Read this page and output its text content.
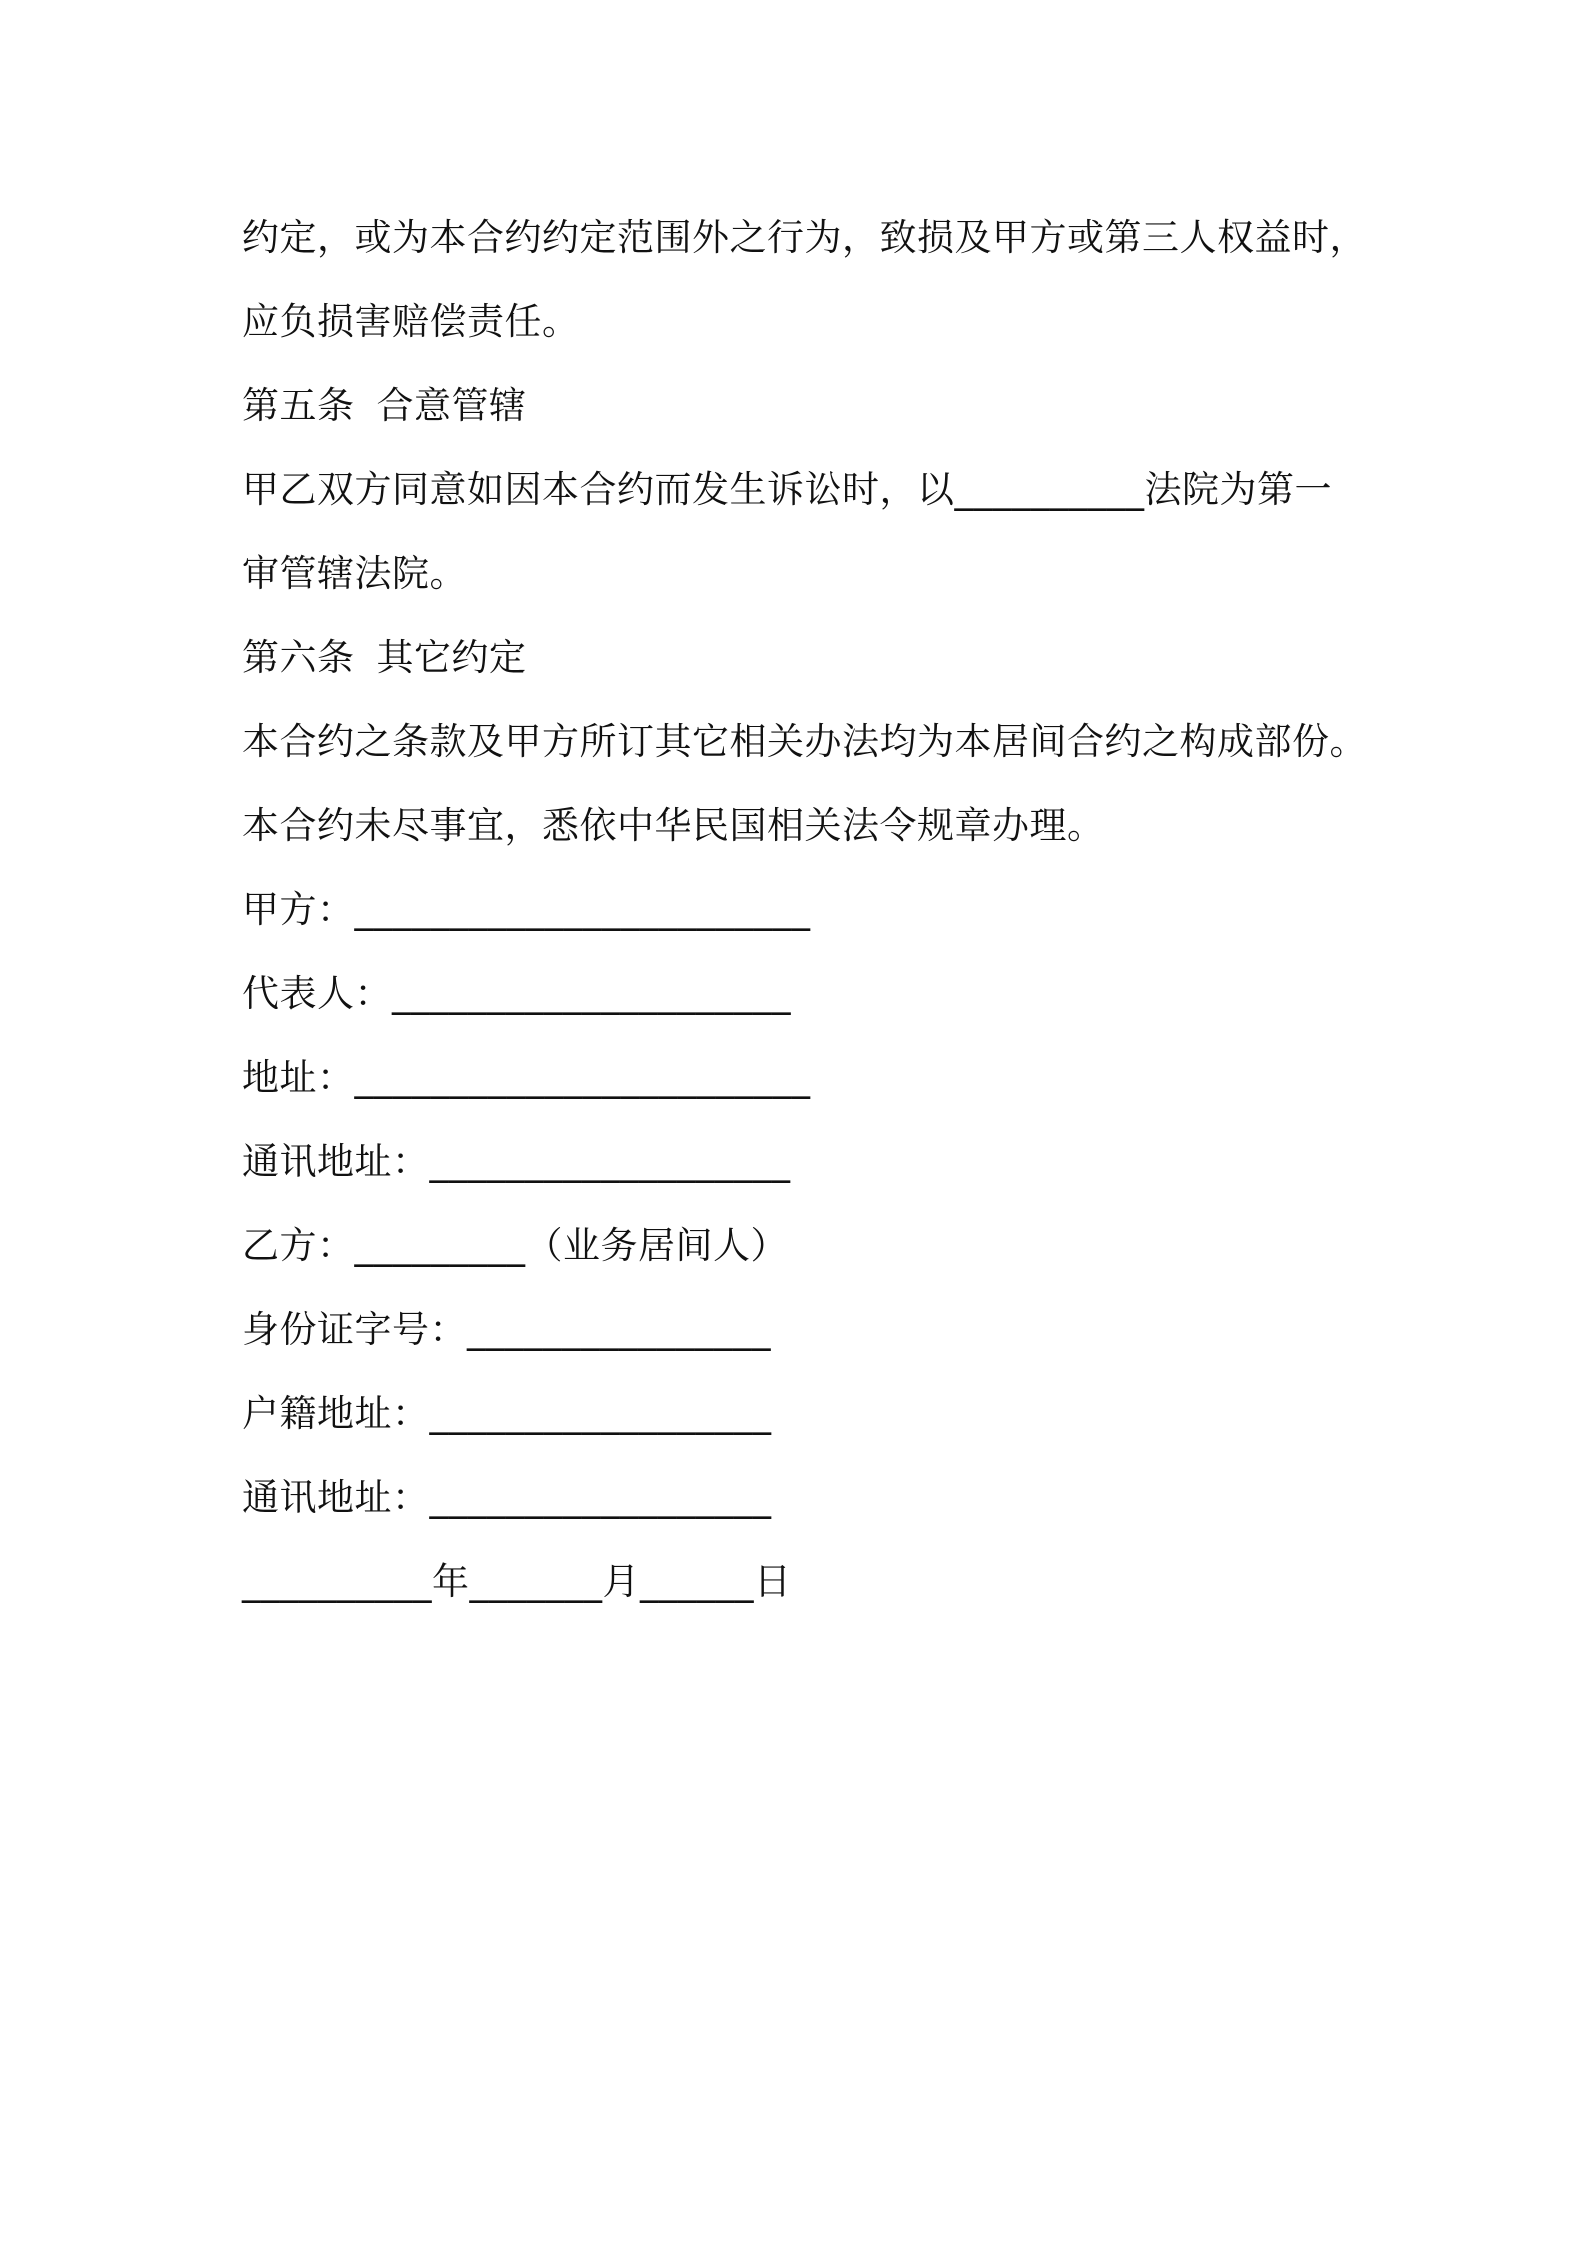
约定，或为本合约约定范围外之行为，致损及甲方或第三人权益时，
应负损害赔偿责任。
第五条 合意管辖
甲乙双方同意如因本合约而发生诉讼时，以__________法院为第一
审管辖法院。
第六条 其它约定
本合约之条款及甲方所订其它相关办法均为本居间合约之构成部份。
本合约未尽事宜，悉依中华民国相关法令规章办理。
甲方：________________________
代表人：_____________________
地址：________________________
通讯地址：___________________
乙方：_________（业务居间人）
身份证字号：________________
户籍地址：__________________
通讯地址：__________________
__________年_______月______日
